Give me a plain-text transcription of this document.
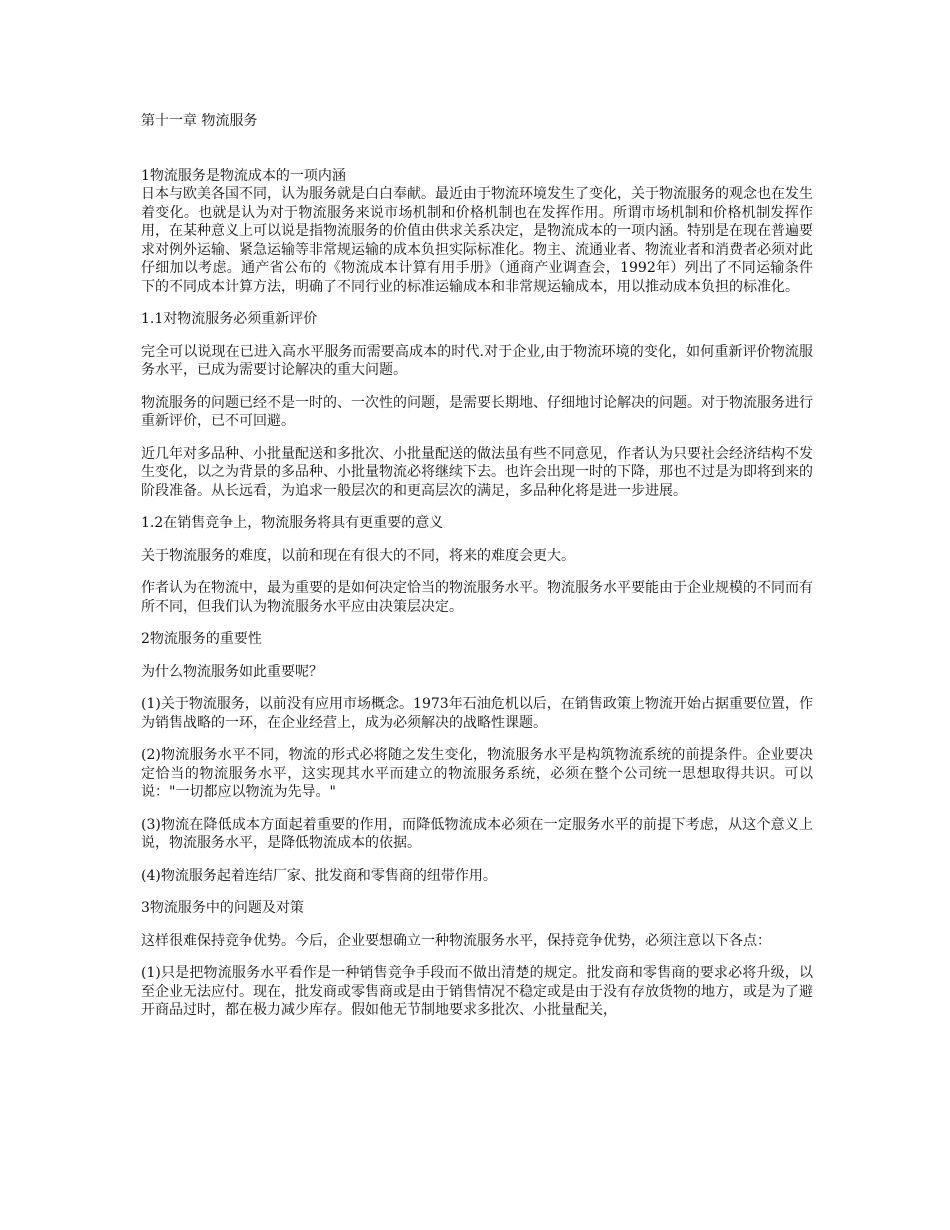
第十一章 物流服务
1物流服务是物流成本的一项内涵

日本与欧美各国不同，认为服务就是白白奉献。最近由于物流环境发生了变化，关于物流服务的观念也在发生着变化。也就是认为对于物流服务来说市场机制和价格机制也在发挥作用。所谓市场机制和价格机制发挥作用，在某种意义上可以说是指物流服务的价值由供求关系决定，是物流成本的一项内涵。特别是在现在普遍要求对例外运输、紧急运输等非常规运输的成本负担实际标准化。物主、流通业者、物流业者和消费者必须对此仔细加以考虑。通产省公布的《物流成本计算有用手册》（通商产业调查会，1992年）列出了不同运输条件下的不同成本计算方法，明确了不同行业的标准运输成本和非常规运输成本，用以推动成本负担的标准化。

1.1对物流服务必须重新评价

完全可以说现在已进入高水平服务而需要高成本的时代.对于企业,由于物流环境的变化，如何重新评价物流服务水平，已成为需要讨论解决的重大问题。

物流服务的问题已经不是一时的、一次性的问题，是需要长期地、仔细地讨论解决的问题。对于物流服务进行重新评价，已不可回避。

近几年对多品种、小批量配送和多批次、小批量配送的做法虽有些不同意见，作者认为只要社会经济结构不发生变化，以之为背景的多品种、小批量物流必将继续下去。也许会出现一时的下降，那也不过是为即将到来的阶段准备。从长远看，为追求一般层次的和更高层次的满足，多品种化将是进一步进展。

1.2在销售竞争上，物流服务将具有更重要的意义

关于物流服务的难度，以前和现在有很大的不同，将来的难度会更大。

作者认为在物流中，最为重要的是如何决定恰当的物流服务水平。物流服务水平要能由于企业规模的不同而有所不同，但我们认为物流服务水平应由决策层决定。

2物流服务的重要性

为什么物流服务如此重要呢？

(1)关于物流服务，以前没有应用市场概念。1973年石油危机以后，在销售政策上物流开始占据重要位置，作为销售战略的一环，在企业经营上，成为必须解决的战略性课题。

(2)物流服务水平不同，物流的形式必将随之发生变化，物流服务水平是构筑物流系统的前提条件。企业要决定恰当的物流服务水平，这实现其水平而建立的物流服务系统，必须在整个公司统一思想取得共识。可以说："一切都应以物流为先导。"

(3)物流在降低成本方面起着重要的作用，而降低物流成本必须在一定服务水平的前提下考虑，从这个意义上说，物流服务水平，是降低物流成本的依据。

(4)物流服务起着连结厂家、批发商和零售商的纽带作用。

3物流服务中的问题及对策

这样很难保持竞争优势。今后，企业要想确立一种物流服务水平，保持竞争优势，必须注意以下各点：

(1)只是把物流服务水平看作是一种销售竞争手段而不做出清楚的规定。批发商和零售商的要求必将升级，以至企业无法应付。现在，批发商或零售商或是由于销售情况不稳定或是由于没有存放货物的地方，或是为了避开商品过时，都在极力减少库存。假如他无节制地要求多批次、小批量配关，
